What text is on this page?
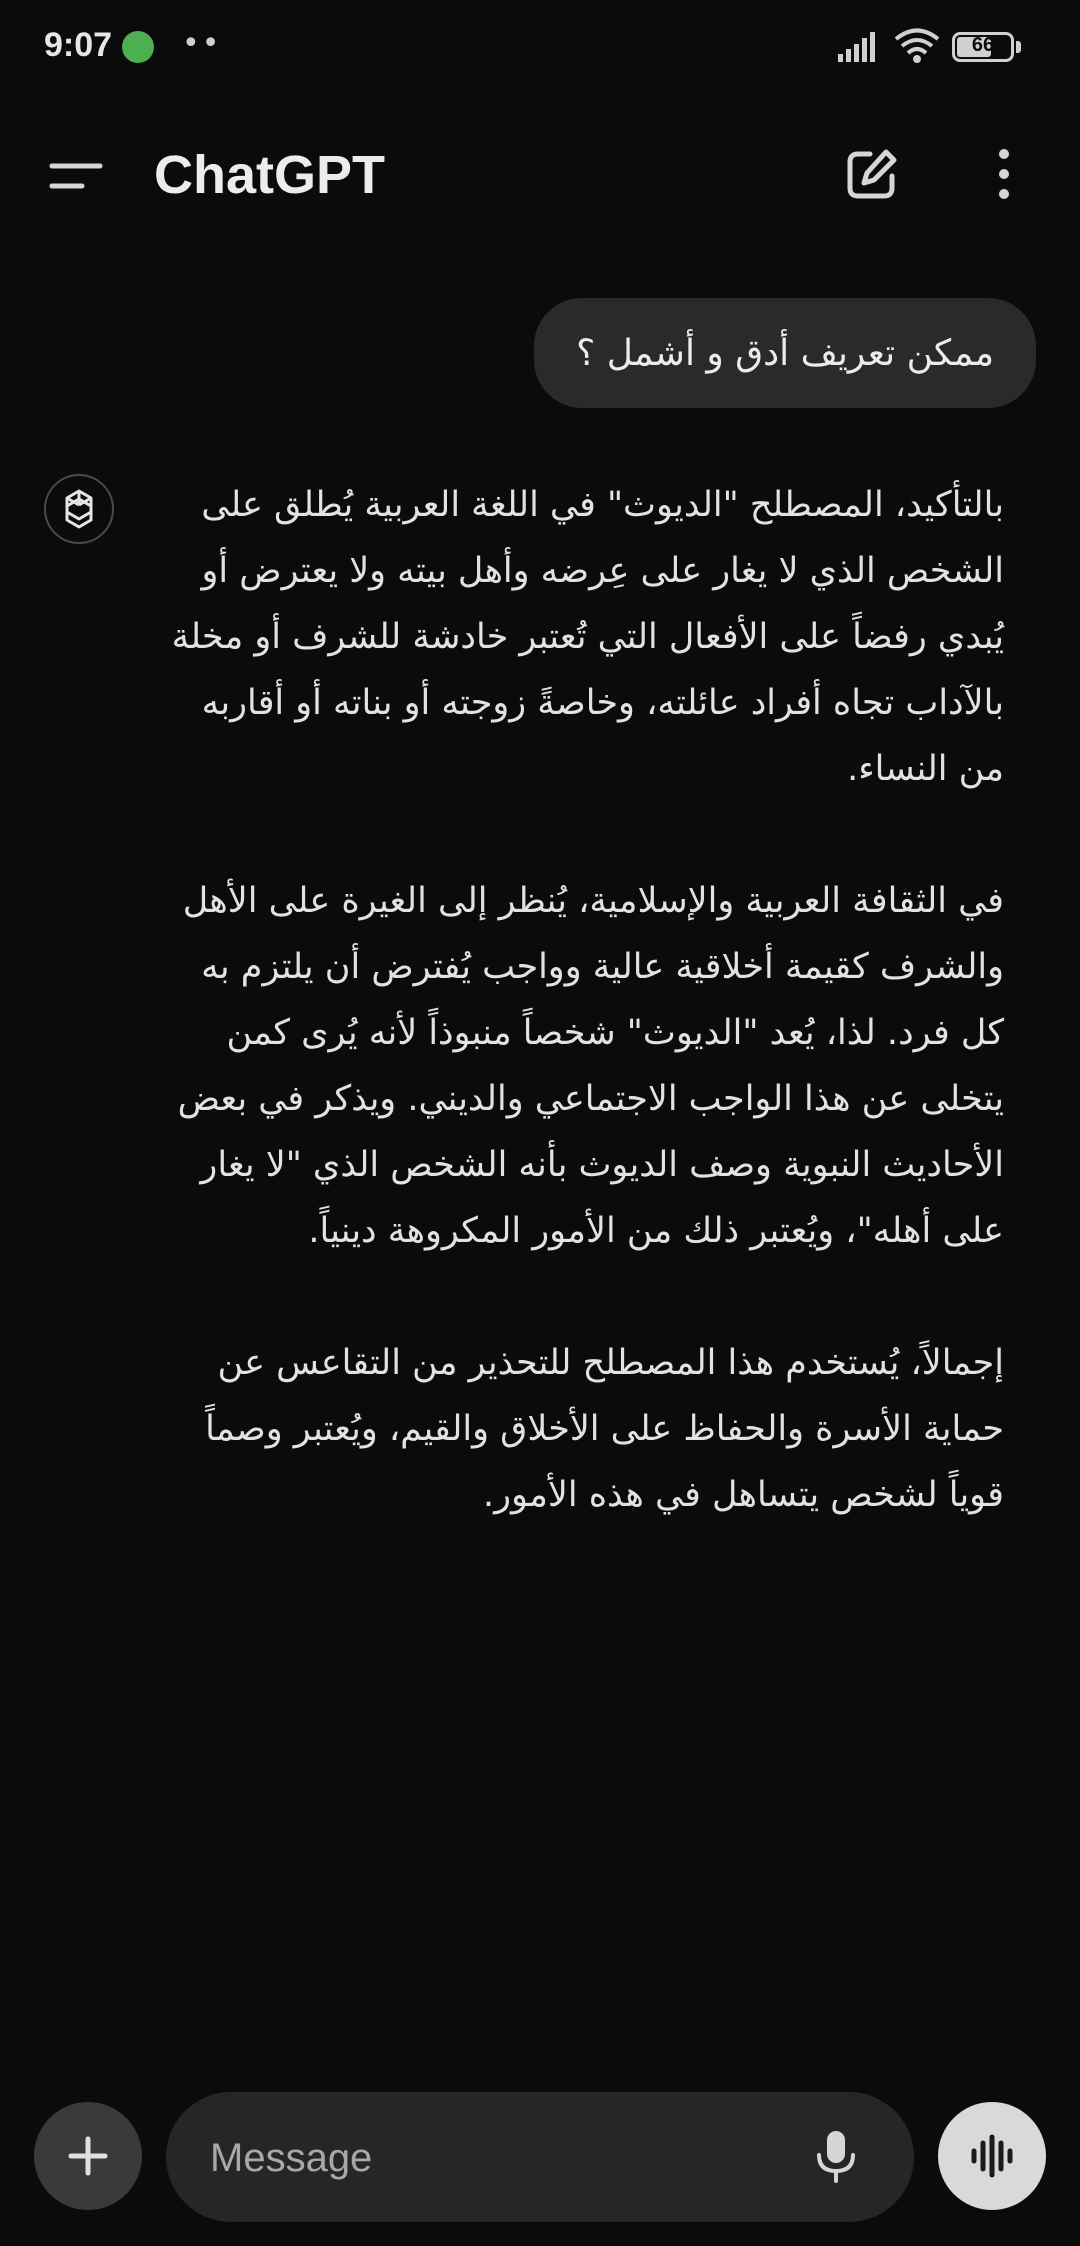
9:07 ••	66
ChatGPT
ممكن تعريف أدق و أشمل ؟

بالتأكيد، المصطلح "الديوث" في اللغة العربية يُطلق على الشخص الذي لا يغار على عِرضه وأهل بيته ولا يعترض أو يُبدي رفضاً على الأفعال التي تُعتبر خادشة للشرف أو مخلة بالآداب تجاه أفراد عائلته، وخاصةً زوجته أو بناته أو أقاربه من النساء.

في الثقافة العربية والإسلامية، يُنظر إلى الغيرة على الأهل والشرف كقيمة أخلاقية عالية وواجب يُفترض أن يلتزم به كل فرد. لذا، يُعد "الديوث" شخصاً منبوذاً لأنه يُرى كمن يتخلى عن هذا الواجب الاجتماعي والديني. ويذكر في بعض الأحاديث النبوية وصف الديوث بأنه الشخص الذي "لا يغار على أهله"، ويُعتبر ذلك من الأمور المكروهة دينياً.

إجمالاً، يُستخدم هذا المصطلح للتحذير من التقاعس عن حماية الأسرة والحفاظ على الأخلاق والقيم، ويُعتبر وصماً قوياً لشخص يتساهل في هذه الأمور.

Message
